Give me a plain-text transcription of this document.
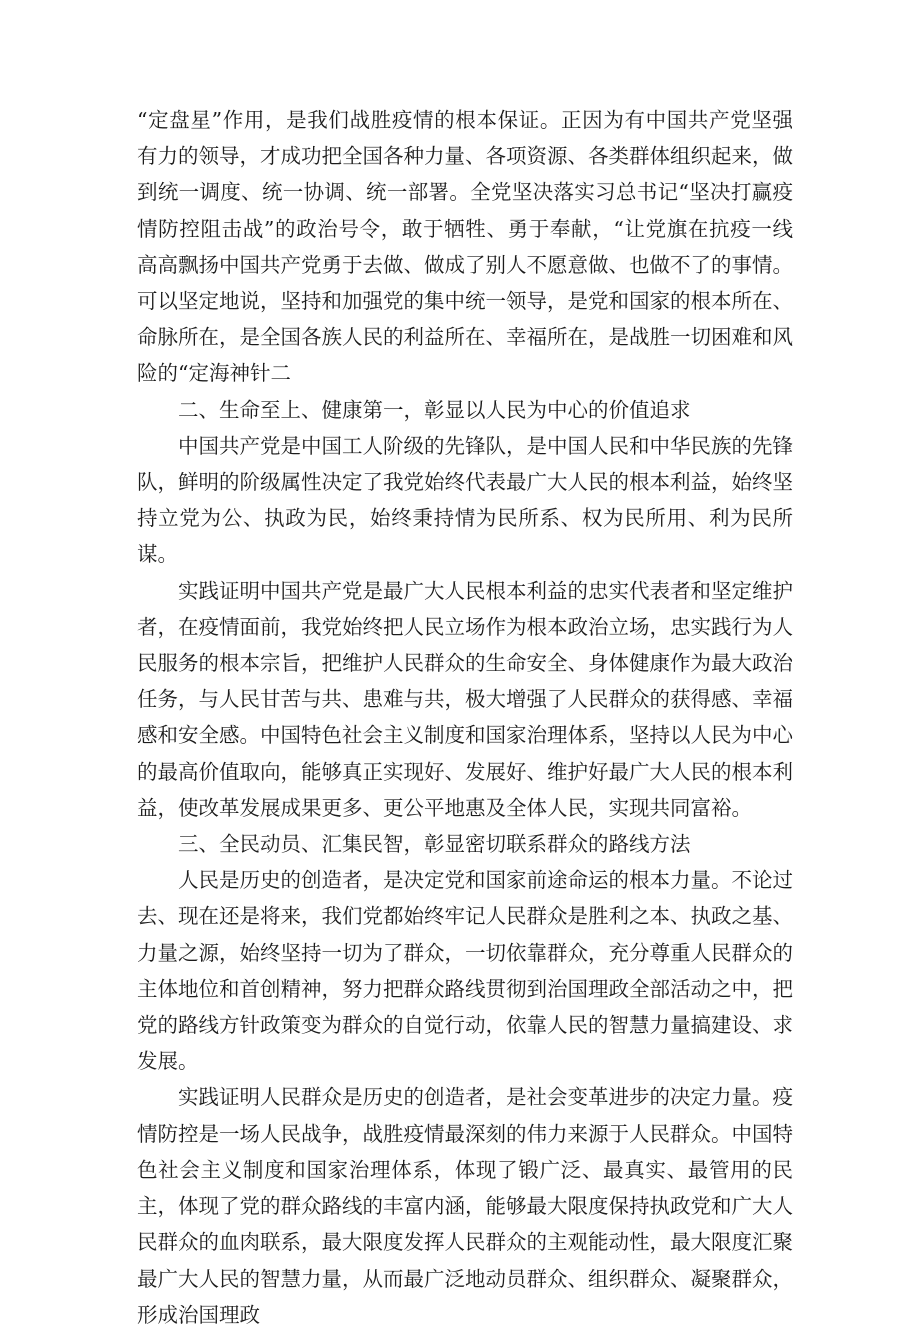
“定盘星”作用，是我们战胜疫情的根本保证。正因为有中国共产党坚强有力的领导，才成功把全国各种力量、各项资源、各类群体组织起来，做到统一调度、统一协调、统一部署。全党坚决落实习总书记“坚决打赢疫情防控阻击战”的政治号令，敢于牺牲、勇于奉献，“让党旗在抗疫一线高高飘扬中国共产党勇于去做、做成了别人不愿意做、也做不了的事情。可以坚定地说，坚持和加强党的集中统一领导，是党和国家的根本所在、命脉所在，是全国各族人民的利益所在、幸福所在，是战胜一切困难和风险的“定海神针二

二、生命至上、健康第一，彰显以人民为中心的价值追求

中国共产党是中国工人阶级的先锋队，是中国人民和中华民族的先锋队，鲜明的阶级属性决定了我党始终代表最广大人民的根本利益，始终坚持立党为公、执政为民，始终秉持情为民所系、权为民所用、利为民所谋。

实践证明中国共产党是最广大人民根本利益的忠实代表者和坚定维护者，在疫情面前，我党始终把人民立场作为根本政治立场，忠实践行为人民服务的根本宗旨，把维护人民群众的生命安全、身体健康作为最大政治任务，与人民甘苦与共、患难与共，极大增强了人民群众的获得感、幸福感和安全感。中国特色社会主义制度和国家治理体系，坚持以人民为中心的最高价值取向，能够真正实现好、发展好、维护好最广大人民的根本利益，使改革发展成果更多、更公平地惠及全体人民，实现共同富裕。

三、全民动员、汇集民智，彰显密切联系群众的路线方法

人民是历史的创造者，是决定党和国家前途命运的根本力量。不论过去、现在还是将来，我们党都始终牢记人民群众是胜利之本、执政之基、力量之源，始终坚持一切为了群众，一切依靠群众，充分尊重人民群众的主体地位和首创精神，努力把群众路线贯彻到治国理政全部活动之中，把党的路线方针政策变为群众的自觉行动，依靠人民的智慧力量搞建设、求发展。

实践证明人民群众是历史的创造者，是社会变革进步的决定力量。疫情防控是一场人民战争，战胜疫情最深刻的伟力来源于人民群众。中国特色社会主义制度和国家治理体系，体现了锻广泛、最真实、最管用的民主，体现了党的群众路线的丰富内涵，能够最大限度保持执政党和广大人民群众的血肉联系，最大限度发挥人民群众的主观能动性，最大限度汇聚最广大人民的智慧力量，从而最广泛地动员群众、组织群众、凝聚群众，形成治国理政
